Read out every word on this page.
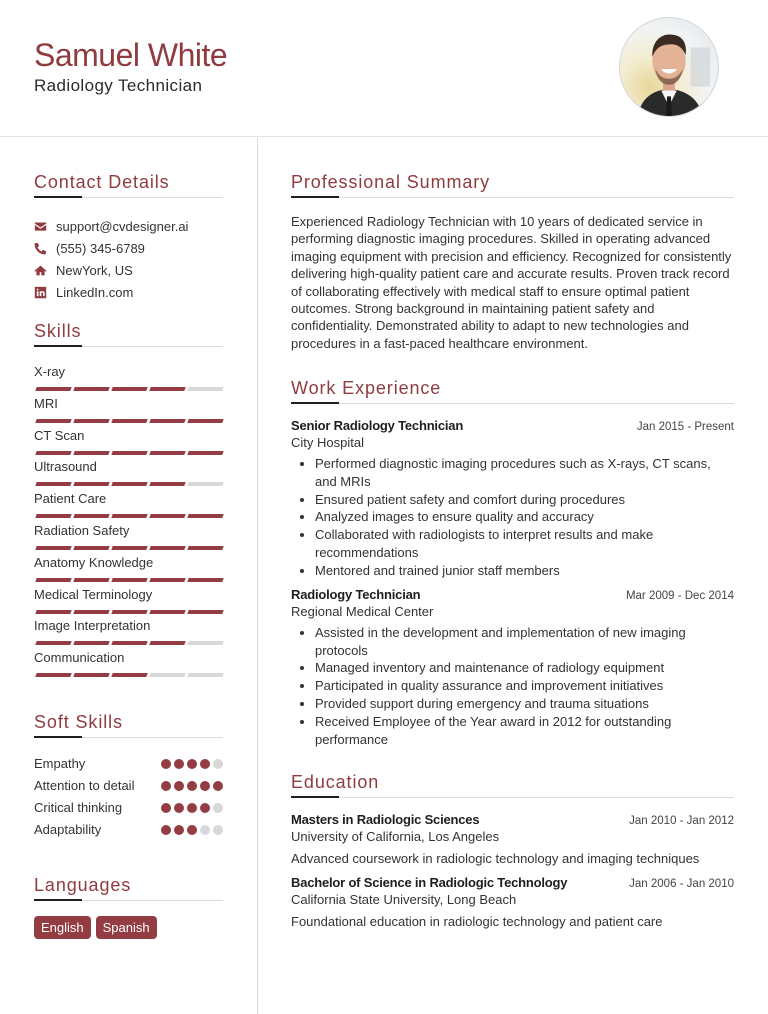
Samuel White
Radiology Technician
Contact Details
support@cvdesigner.ai
(555) 345-6789
NewYork, US
LinkedIn.com
Skills
X-ray
MRI
CT Scan
Ultrasound
Patient Care
Radiation Safety
Anatomy Knowledge
Medical Terminology
Image Interpretation
Communication
Soft Skills
Empathy
Attention to detail
Critical thinking
Adaptability
Languages
English	Spanish
Professional Summary

Experienced Radiology Technician with 10 years of dedicated service in performing diagnostic imaging procedures. Skilled in operating advanced imaging equipment with precision and efficiency. Recognized for consistently delivering high-quality patient care and accurate results. Proven track record of collaborating effectively with medical staff to ensure optimal patient outcomes. Strong background in maintaining patient safety and confidentiality. Demonstrated ability to adapt to new technologies and procedures in a fast-paced healthcare environment.

Work Experience
Senior Radiology Technician	Jan 2015 - Present
City Hospital
• Performed diagnostic imaging procedures such as X-rays, CT scans, and MRIs
• Ensured patient safety and comfort during procedures
• Analyzed images to ensure quality and accuracy
• Collaborated with radiologists to interpret results and make recommendations
• Mentored and trained junior staff members
Radiology Technician	Mar 2009 - Dec 2014
Regional Medical Center
• Assisted in the development and implementation of new imaging protocols
• Managed inventory and maintenance of radiology equipment
• Participated in quality assurance and improvement initiatives
• Provided support during emergency and trauma situations
• Received Employee of the Year award in 2012 for outstanding performance
Education
Masters in Radiologic Sciences	Jan 2010 - Jan 2012
University of California, Los Angeles
Advanced coursework in radiologic technology and imaging techniques
Bachelor of Science in Radiologic Technology	Jan 2006 - Jan 2010
California State University, Long Beach
Foundational education in radiologic technology and patient care
